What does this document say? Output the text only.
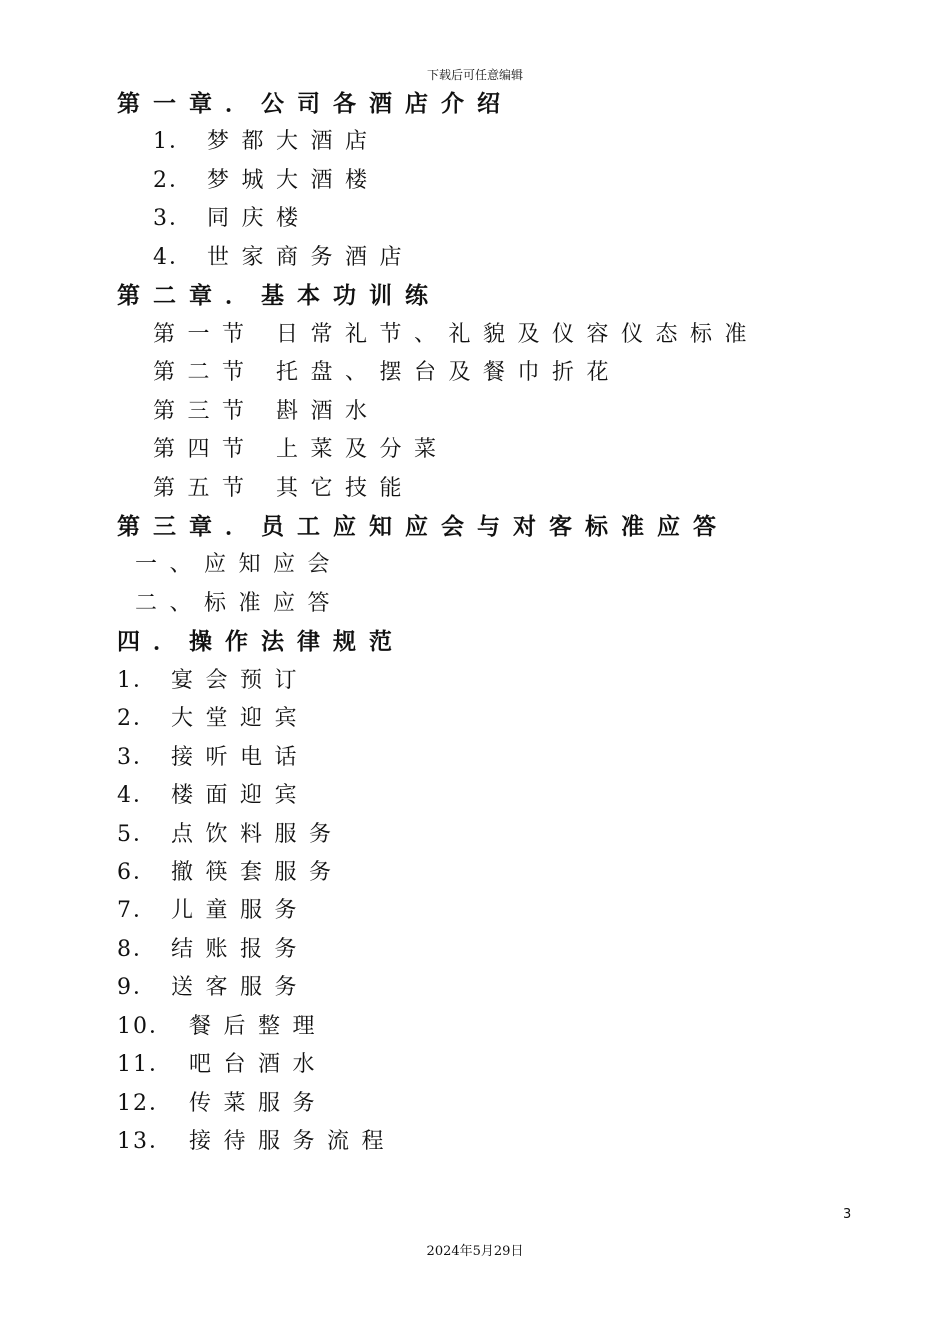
下载后可任意编辑
第一章．公司各酒店介绍
1． 梦都大酒店
2． 梦城大酒楼
3． 同庆楼
4． 世家商务酒店
第二章．基本功训练
第一节 日常礼节、礼貌及仪容仪态标准
第二节 托盘、摆台及餐巾折花
第三节 斟酒水
第四节 上菜及分菜
第五节 其它技能
第三章．员工应知应会与对客标准应答
一、应知应会
二、标准应答
四．操作法律规范
1． 宴会预订
2． 大堂迎宾
3． 接听电话
4． 楼面迎宾
5． 点饮料服务
6． 撤筷套服务
7． 儿童服务
8． 结账报务
9． 送客服务
10． 餐后整理
11． 吧台酒水
12． 传菜服务
13． 接待服务流程
3
2024年5月29日
